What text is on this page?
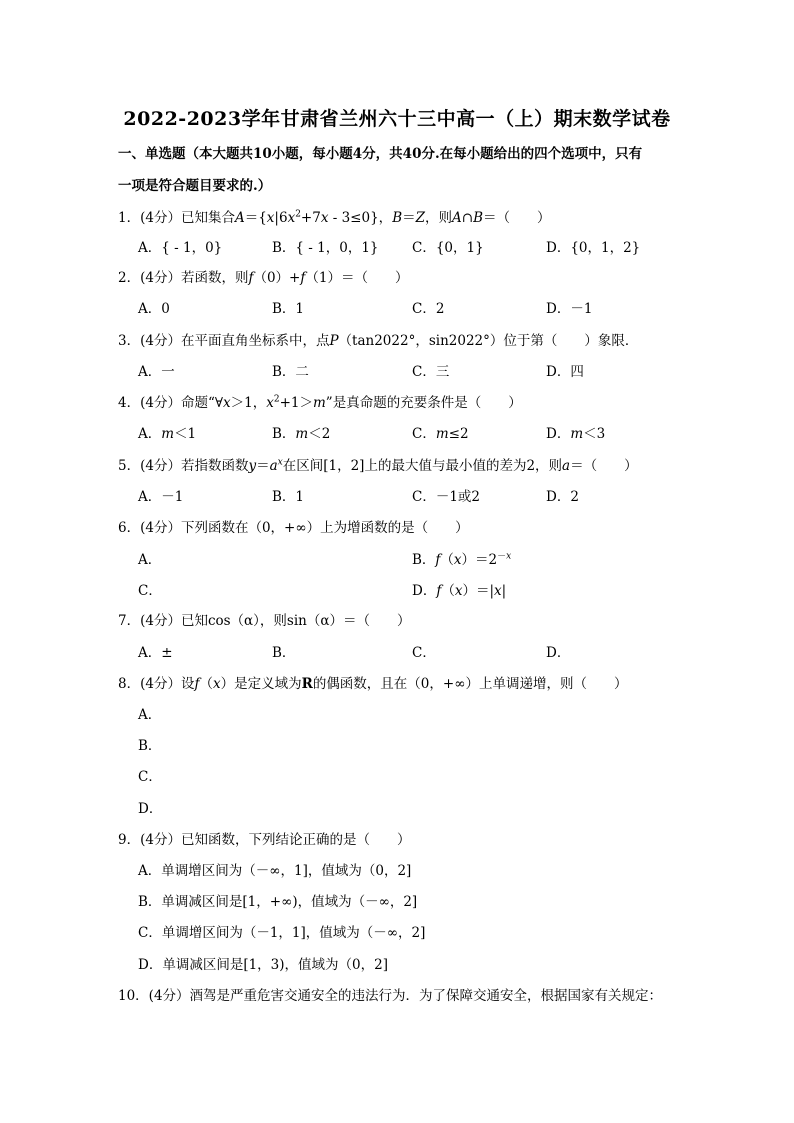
2022-2023学年甘肃省兰州六十三中高一（上）期末数学试卷
一、单选题（本大题共10小题，每小题4分，共40分.在每小题给出的四个选项中，只有
一项是符合题目要求的.）
1．(4分）已知集合$A=\{x|6x^2+7x - 3\le 0\}$，B＝Z，则A∩B＝（　　）
A．{ - 1，0}	B．{ - 1，0，1} C．{0，1}	D．{0，1，2}
2．(4分）若函数，则f（0）+f（1）＝（　　）
A．0	B．1	C．2	D．－1
3．(4分）在平面直角坐标系中，点P（tan2022°，sin2022°）位于第（　　）象限．
A．一	B．二	C．三	D．四
4．(4分）命题“∀x＞1，$x^2+1>m$”是真命题的充要条件是（　　）
A．m＜1	B．m＜2	C．m≤2	D．m＜3
5．(4分）若指数函数$y=a^x$在区间[1，2]上的最大值与最小值的差为2，则a＝（　　）
A．－1	B．1	C．－1或2	D．2
6．(4分）下列函数在（0，+∞）上为增函数的是（　　）
A．	B．$f(x)=2^{-x}$
C．	D．f（x）＝|x|
7．(4分）已知cos（α），则sin（α）＝（　　）
A．±	B．	C．	D．
8．(4分）设f（x）是定义域为R的偶函数，且在（0，+∞）上单调递增，则（　　）
A．
B．
C．
D．
9．(4分）已知函数，下列结论正确的是（　　）
A．单调增区间为（－∞，1]，值域为（0，2]
B．单调减区间是[1，+∞)，值域为（－∞，2]
C．单调增区间为（－1，1]，值域为（－∞，2]
D．单调减区间是[1，3)，值域为（0，2]
10．(4分）酒驾是严重危害交通安全的违法行为．为了保障交通安全，根据国家有关规定：
